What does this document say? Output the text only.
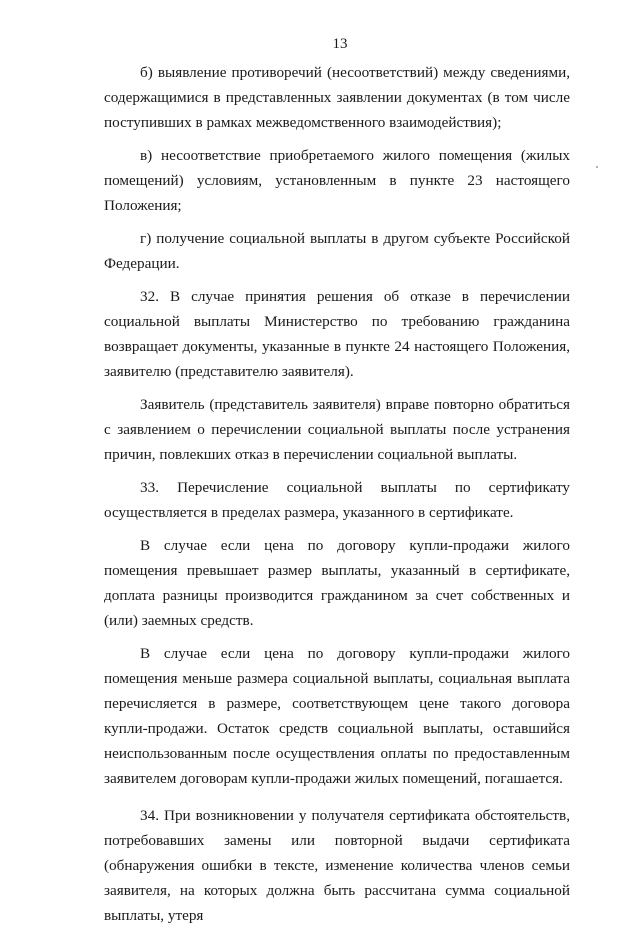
13

б) выявление противоречий (несоответствий) между сведениями, содержащимися в представленных заявлении документах (в том числе поступивших в рамках межведомственного взаимодействия);

в) несоответствие приобретаемого жилого помещения (жилых помещений) условиям, установленным в пункте 23 настоящего Положения;

г) получение социальной выплаты в другом субъекте Российской Федерации.

32. В случае принятия решения об отказе в перечислении социальной выплаты Министерство по требованию гражданина возвращает документы, указанные в пункте 24 настоящего Положения, заявителю (представителю заявителя).

Заявитель (представитель заявителя) вправе повторно обратиться с заявлением о перечислении социальной выплаты после устранения причин, повлекших отказ в перечислении социальной выплаты.

33. Перечисление социальной выплаты по сертификату осуществляется в пределах размера, указанного в сертификате.

В случае если цена по договору купли-продажи жилого помещения превышает размер выплаты, указанный в сертификате, доплата разницы производится гражданином за счет собственных и (или) заемных средств.

В случае если цена по договору купли-продажи жилого помещения меньше размера социальной выплаты, социальная выплата перечисляется в размере, соответствующем цене такого договора купли-продажи. Остаток средств социальной выплаты, оставшийся неиспользованным после осуществления оплаты по предоставленным заявителем договорам купли-продажи жилых помещений, погашается.

34. При возникновении у получателя сертификата обстоятельств, потребовавших замены или повторной выдачи сертификата (обнаружения ошибки в тексте, изменение количества членов семьи заявителя, на которых должна быть рассчитана сумма социальной выплаты, утеря
